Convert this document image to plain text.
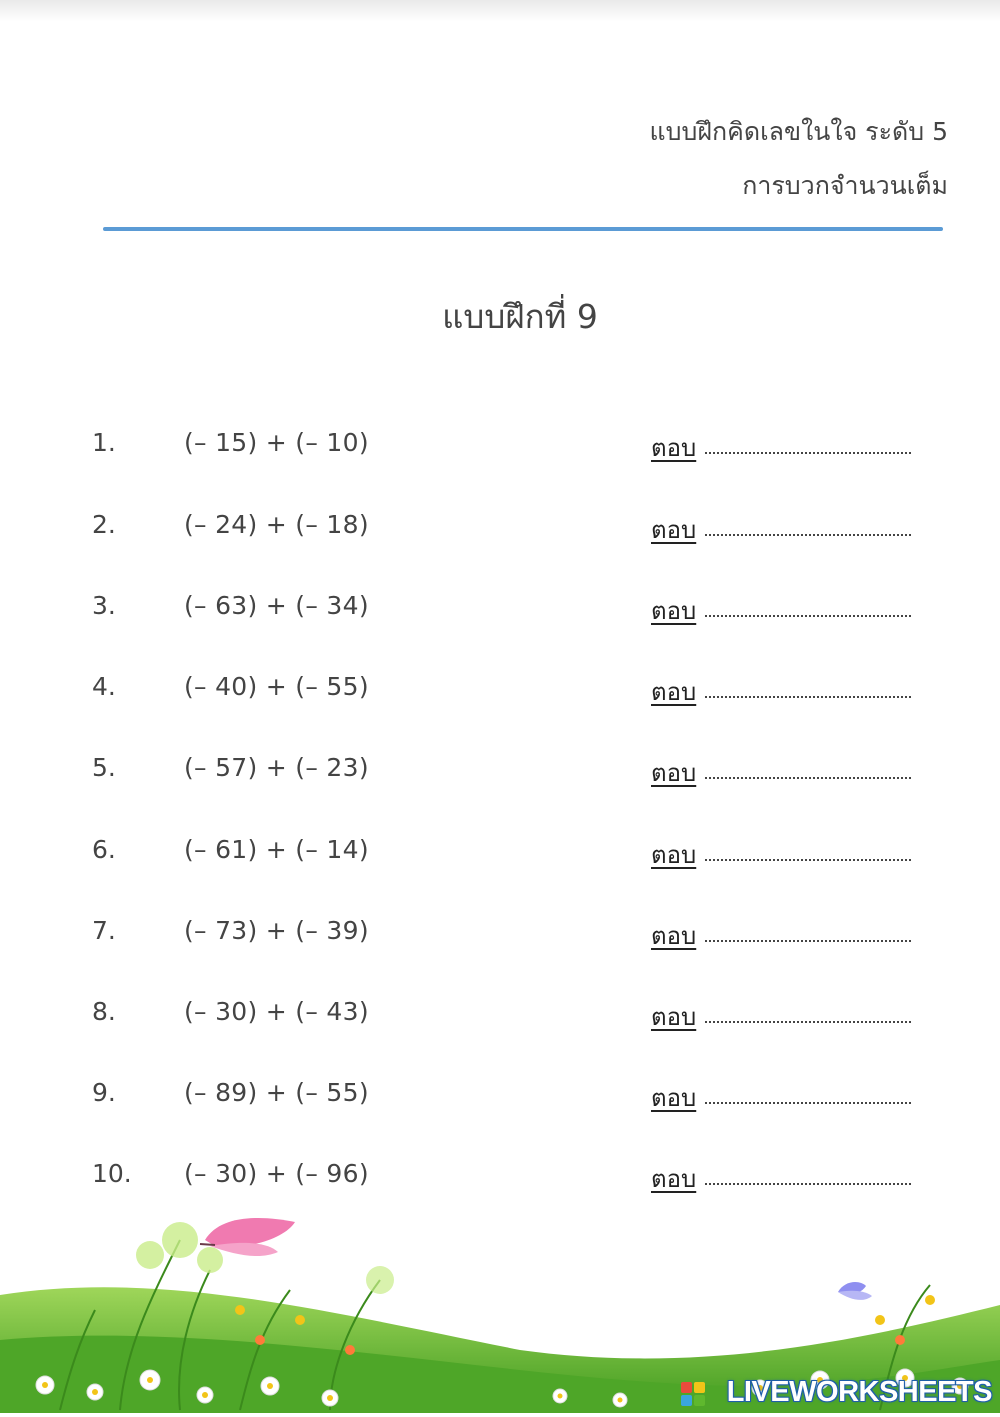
แบบฝึกคิดเลขในใจ ระดับ 5
การบวกจำนวนเต็ม
แบบฝึกที่ 9
1.	(– 15) + (– 10)	ตอบ
2.	(– 24) + (– 18)	ตอบ
3.	(– 63) + (– 34)	ตอบ
4.	(– 40) + (– 55)	ตอบ
5.	(– 57) + (– 23)	ตอบ
6.	(– 61) + (– 14)	ตอบ
7.	(– 73) + (– 39)	ตอบ
8.	(– 30) + (– 43)	ตอบ
9.	(– 89) + (– 55)	ตอบ
10. (– 30) + (– 96)	ตอบ
LIVEWORKSHEETS
